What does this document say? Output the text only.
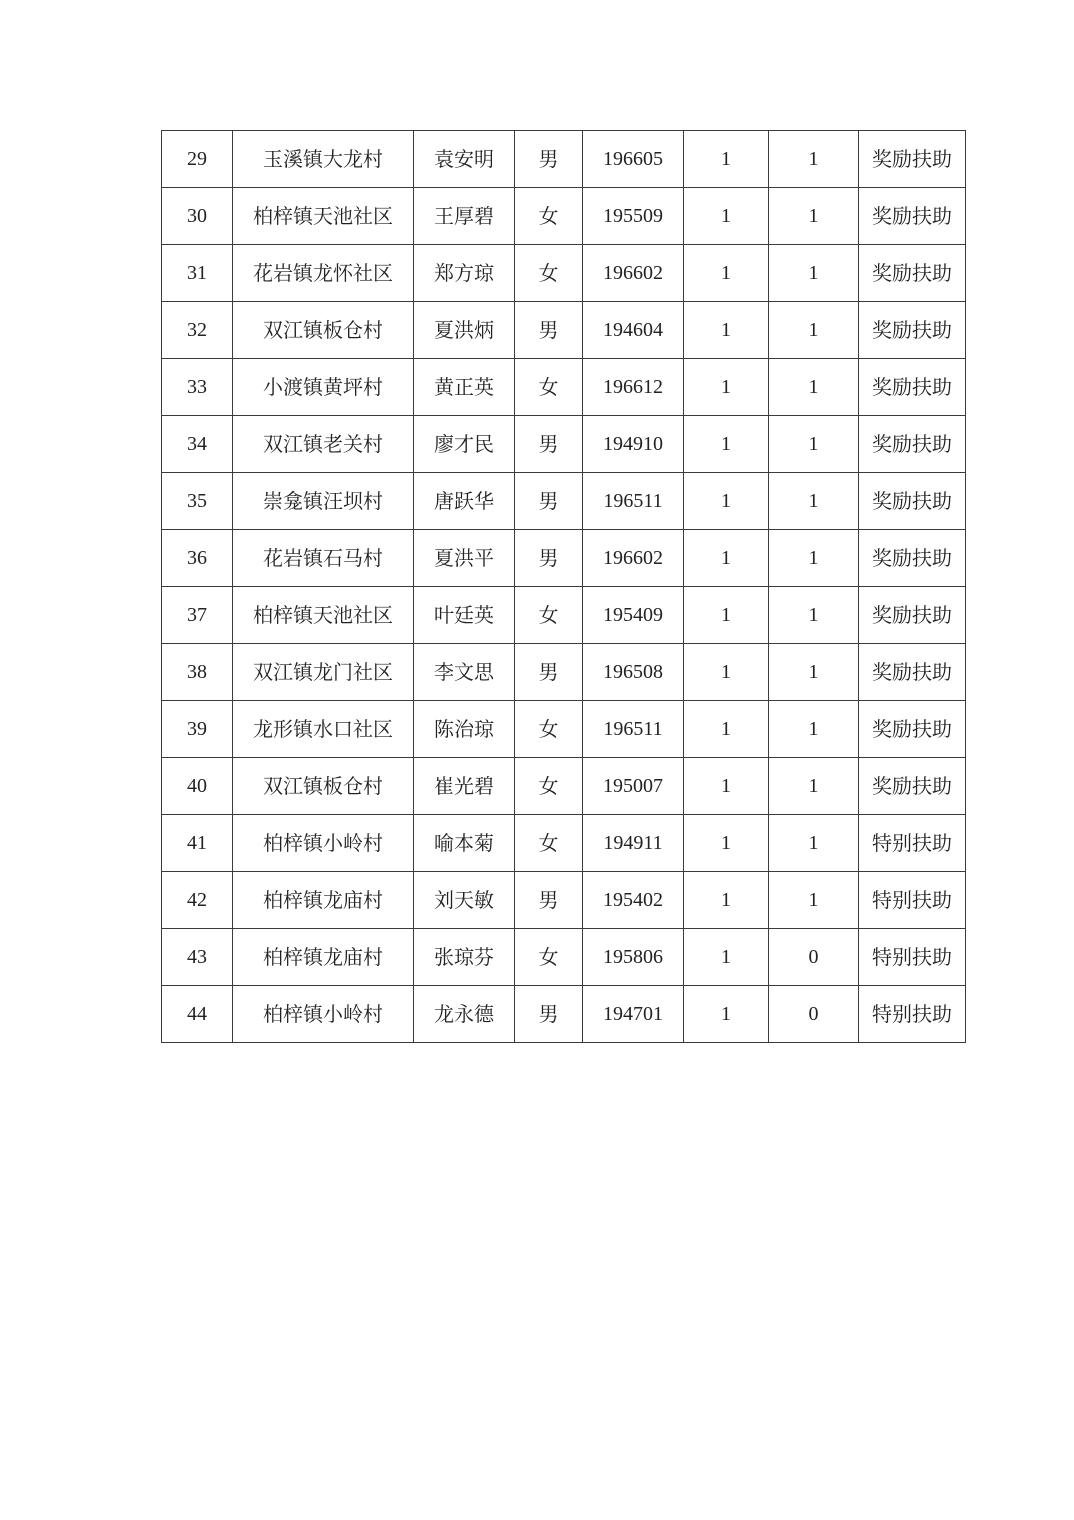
29	玉溪镇大龙村	袁安明	男	196605	1	1	奖励扶助
30	柏梓镇天池社区	王厚碧	女	195509	1	1	奖励扶助
31	花岩镇龙怀社区	郑方琼	女	196602	1	1	奖励扶助
32	双江镇板仓村	夏洪炳	男	194604	1	1	奖励扶助
33	小渡镇黄坪村	黄正英	女	196612	1	1	奖励扶助
34	双江镇老关村	廖才民	男	194910	1	1	奖励扶助
35	崇龛镇汪坝村	唐跃华	男	196511	1	1	奖励扶助
36	花岩镇石马村	夏洪平	男	196602	1	1	奖励扶助
37	柏梓镇天池社区	叶廷英	女	195409	1	1	奖励扶助
38	双江镇龙门社区	李文思	男	196508	1	1	奖励扶助
39	龙形镇水口社区	陈治琼	女	196511	1	1	奖励扶助
40	双江镇板仓村	崔光碧	女	195007	1	1	奖励扶助
41	柏梓镇小岭村	喻本菊	女	194911	1	1	特别扶助
42	柏梓镇龙庙村	刘天敏	男	195402	1	1	特别扶助
43	柏梓镇龙庙村	张琼芬	女	195806	1	0	特别扶助
44	柏梓镇小岭村	龙永德	男	194701	1	0	特别扶助
